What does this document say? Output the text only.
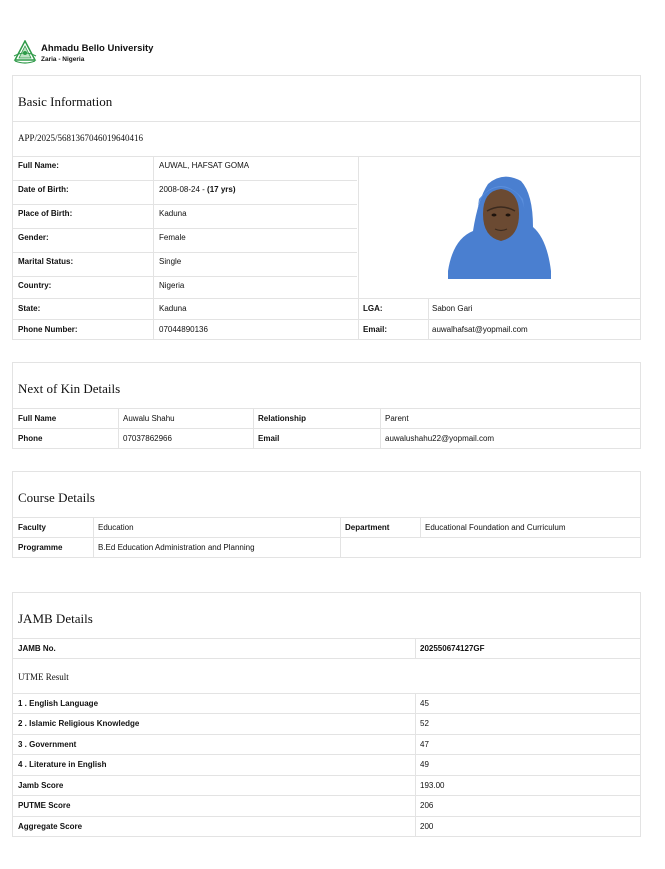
Ahmadu Bello University
Zaria - Nigeria
Basic Information
APP/2025/5681367046019640416
Full Name:	AUWAL, HAFSAT GOMA
Date of Birth:	2008-08-24 - (17 yrs)
Place of Birth:	Kaduna
Gender:	Female
Marital Status:	Single
Country:	Nigeria
State:	Kaduna	LGA:	Sabon Gari
Phone Number:	07044890136	Email:	auwalhafsat@yopmail.com
Next of Kin Details
Full Name	Auwalu Shahu	Relationship	Parent
Phone	07037862966	Email	auwalushahu22@yopmail.com
Course Details
Faculty	Education	Department	Educational Foundation and Curriculum
Programme	B.Ed Education Administration and Planning
JAMB Details
JAMB No.	202550674127GF
UTME Result
1 . English Language	45
2 . Islamic Religious Knowledge	52
3 . Government	47
4 . Literature in English	49
Jamb Score	193.00
PUTME Score	206
Aggregate Score	200
